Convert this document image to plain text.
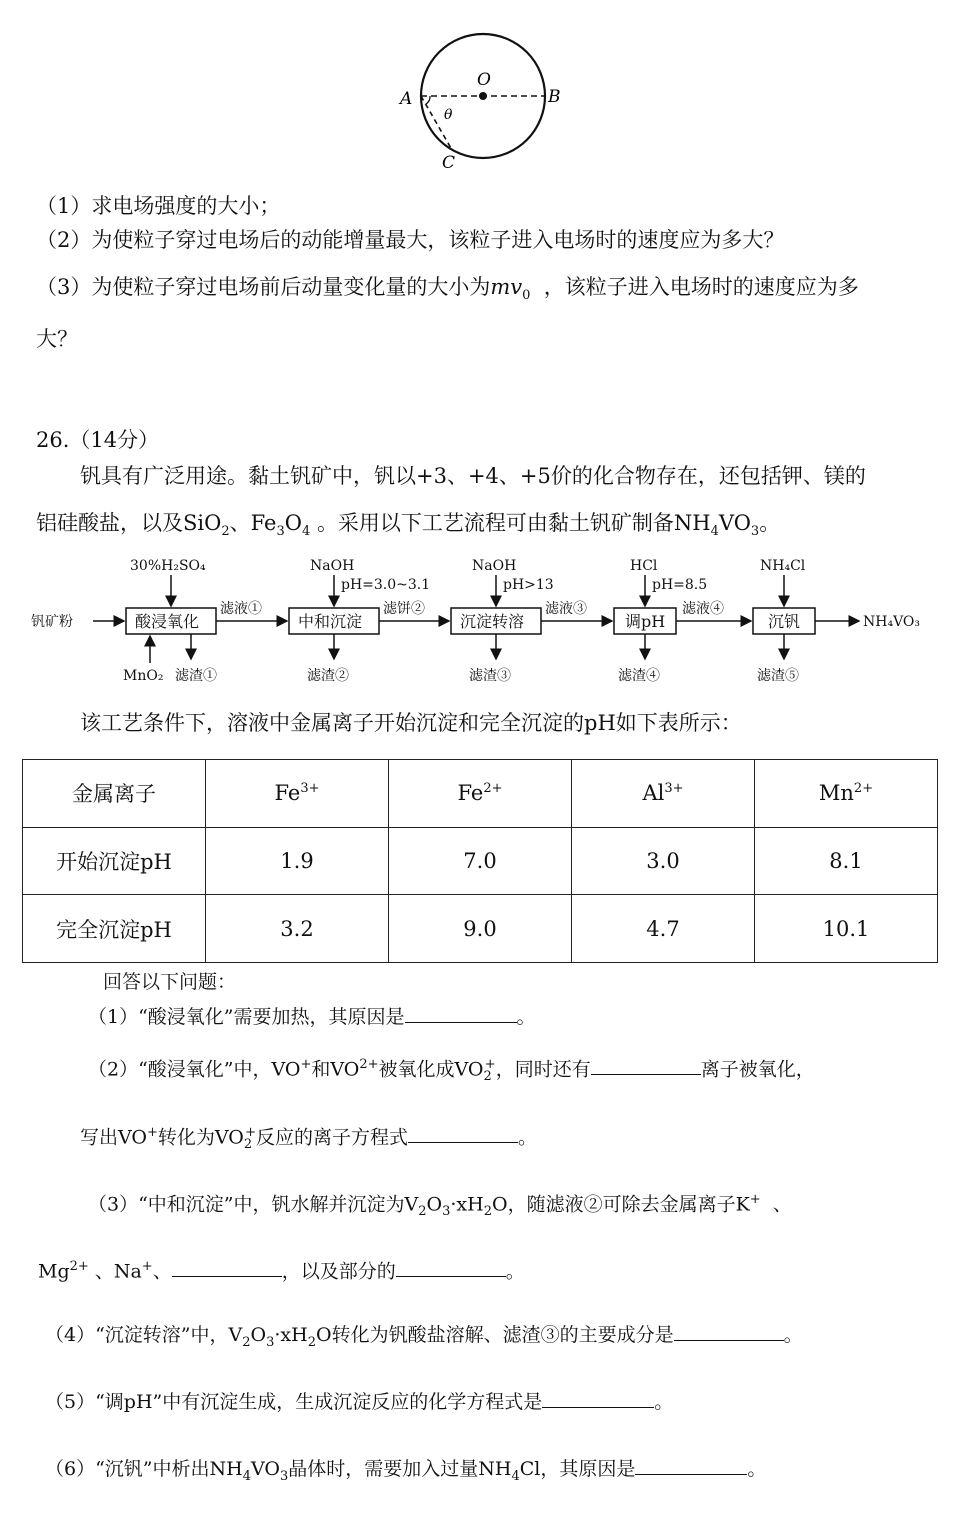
O
A	B
C
θ
（1）求电场强度的大小；
（2）为使粒子穿过电场后的动能增量最大，该粒子进入电场时的速度应为多大？
（3）为使粒子穿过电场前后动量变化量的大小为$mv_0$ ，该粒子进入电场时的速度应为多
大？
26.（14分）
钒具有广泛用途。黏土钒矿中，钒以+3、+4、+5价的化合物存在，还包括钾、镁的
铝硅酸盐，以及SiO$_2$、$Fe_3O_4$ 。采用以下工艺流程可由黏土钒矿制备$NH_4VO_3$。
钒矿粉	酸浸氧化	中和沉淀	沉淀转溶	调pH	沉钒	NH₄VO₃
30%H₂SO₄	NaOH	NaOH	HCl	NH₄Cl
pH=3.0~3.1	pH>13	pH=8.5
MnO₂
滤液①	滤饼②	滤液③	滤液④
滤渣①	滤渣②	滤渣③	滤渣④	滤渣⑤
该工艺条件下，溶液中金属离子开始沉淀和完全沉淀的pH如下表所示：
金属离子	$Fe^{3+}$	$Fe^{2+}$	$Al^{3+}$	$Mn^{2+}$
开始沉淀pH	1.9	7.0	3.0	8.1
完全沉淀pH	3.2	9.0	4.7	10.1
回答以下问题：
（1）“酸浸氧化”需要加热，其原因是	。
（2）“酸浸氧化”中，VO+和$VO^{2+}$被氧化成$VO_2^+$，同时还有	离子被氧化，
写出VO+转化为$VO_2^+$反应的离子方程式	。
（3）“中和沉淀”中，钒水解并沉淀为$V_2O_3\cdot xH_2O$，随滤液②可除去金属离子K+ 、
$Mg^{2+}$ 、Na+、	，以及部分的	。
（4）“沉淀转溶”中，$V_2O_3\cdot xH_2O$转化为钒酸盐溶解、滤渣③的主要成分是	。
（5）“调pH”中有沉淀生成，生成沉淀反应的化学方程式是	。
（6）“沉钒”中析出$NH_4VO_3$晶体时，需要加入过量$NH_4Cl$，其原因是	。
